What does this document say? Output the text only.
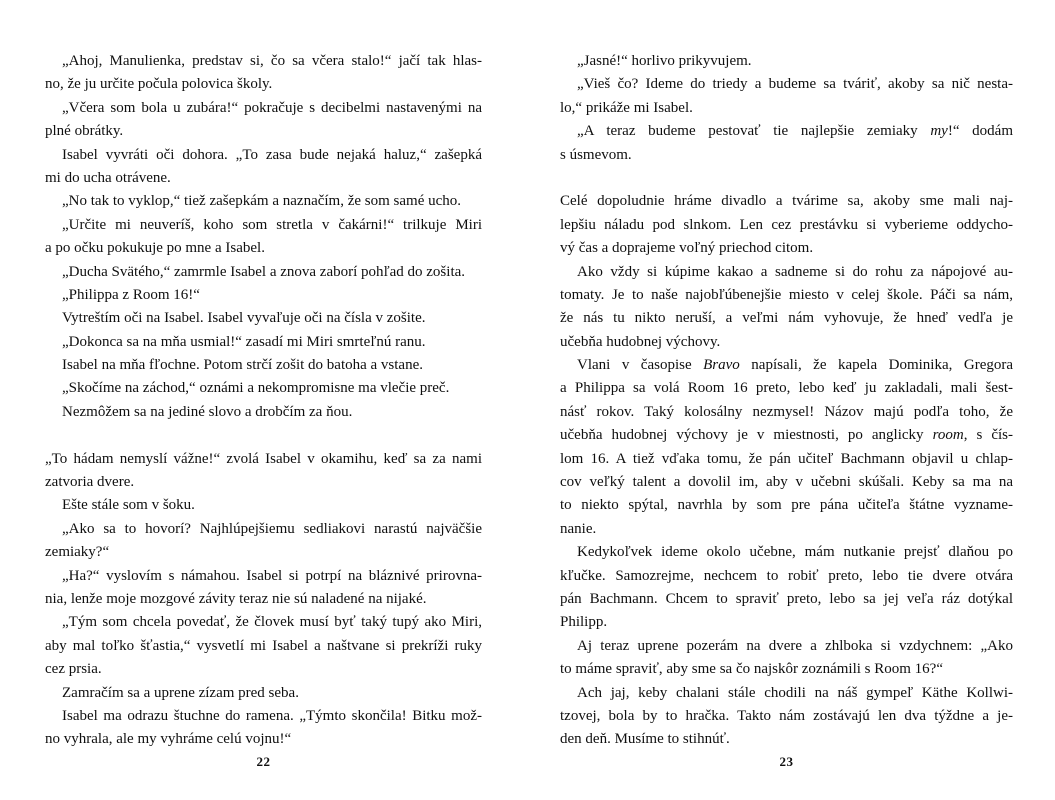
„Ahoj, Manulienka, predstav si, čo sa včera stalo!“ jačí tak hlas-
no, že ju určite počula polovica školy.
„Včera som bola u zubára!“ pokračuje s decibelmi nastavenými na
plné obrátky.
Isabel vyvráti oči dohora. „To zasa bude nejaká haluz,“ zašepká
mi do ucha otrávene.
„No tak to vyklop,“ tiež zašepkám a naznačím, že som samé ucho.
„Určite mi neuveríš, koho som stretla v čakárni!“ trilkuje Miri
a po očku pokukuje po mne a Isabel.
„Ducha Svätého,“ zamrmle Isabel a znova zaborí pohľad do zošita.
„Philippa z Room 16!“
Vytreštím oči na Isabel. Isabel vyvaľuje oči na čísla v zošite.
„Dokonca sa na mňa usmial!“ zasadí mi Miri smrteľnú ranu.
Isabel na mňa fľochne. Potom strčí zošit do batoha a vstane.
„Skočíme na záchod,“ oznámi a nekompromisne ma vlečie preč.
Nezmôžem sa na jediné slovo a drobčím za ňou.
„To hádam nemyslí vážne!“ zvolá Isabel v okamihu, keď sa za nami
zatvoria dvere.
Ešte stále som v šoku.
„Ako sa to hovorí? Najhlúpejšiemu sedliakovi narastú najväčšie
zemiaky?“
„Ha?“ vyslovím s námahou. Isabel si potrpí na bláznivé prirovna-
nia, lenže moje mozgové závity teraz nie sú naladené na nijaké.
„Tým som chcela povedať, že človek musí byť taký tupý ako Miri,
aby mal toľko šťastia,“ vysvetlí mi Isabel a naštvane si prekríži ruky
cez prsia.
Zamračím sa a uprene zízam pred seba.
Isabel ma odrazu štuchne do ramena. „Týmto skončila! Bitku mož-
no vyhrala, ale my vyhráme celú vojnu!“
„Jasné!“ horlivo prikyvujem.
„Vieš čo? Ideme do triedy a budeme sa tváriť, akoby sa nič nesta-
lo,“ prikáže mi Isabel.
„A teraz budeme pestovať tie najlepšie zemiaky my!“ dodám
s úsmevom.
Celé dopoludnie hráme divadlo a tvárime sa, akoby sme mali naj-
lepšiu náladu pod slnkom. Len cez prestávku si vyberieme oddycho-
vý čas a doprajeme voľný priechod citom.
Ako vždy si kúpime kakao a sadneme si do rohu za nápojové au-
tomaty. Je to naše najobľúbenejšie miesto v celej škole. Páči sa nám,
že nás tu nikto neruší, a veľmi nám vyhovuje, že hneď vedľa je
učebňa hudobnej výchovy.
Vlani v časopise Bravo napísali, že kapela Dominika, Gregora
a Philippa sa volá Room 16 preto, lebo keď ju zakladali, mali šest-
násť rokov. Taký kolosálny nezmysel! Názov majú podľa toho, že
učebňa hudobnej výchovy je v miestnosti, po anglicky room, s čís-
lom 16. A tiež vďaka tomu, že pán učiteľ Bachmann objavil u chlap-
cov veľký talent a dovolil im, aby v učebni skúšali. Keby sa ma na
to niekto spýtal, navrhla by som pre pána učiteľa štátne vyzname-
nanie.
Kedykoľvek ideme okolo učebne, mám nutkanie prejsť dlaňou po
kľučke. Samozrejme, nechcem to robiť preto, lebo tie dvere otvára
pán Bachmann. Chcem to spraviť preto, lebo sa jej veľa ráz dotýkal
Philipp.
Aj teraz uprene pozerám na dvere a zhlboka si vzdychnem: „Ako
to máme spraviť, aby sme sa čo najskôr zoznámili s Room 16?“
Ach jaj, keby chalani stále chodili na náš gympeľ Käthe Kollwi-
tzovej, bola by to hračka. Takto nám zostávajú len dva týždne a je-
den deň. Musíme to stihnúť.
22	23
